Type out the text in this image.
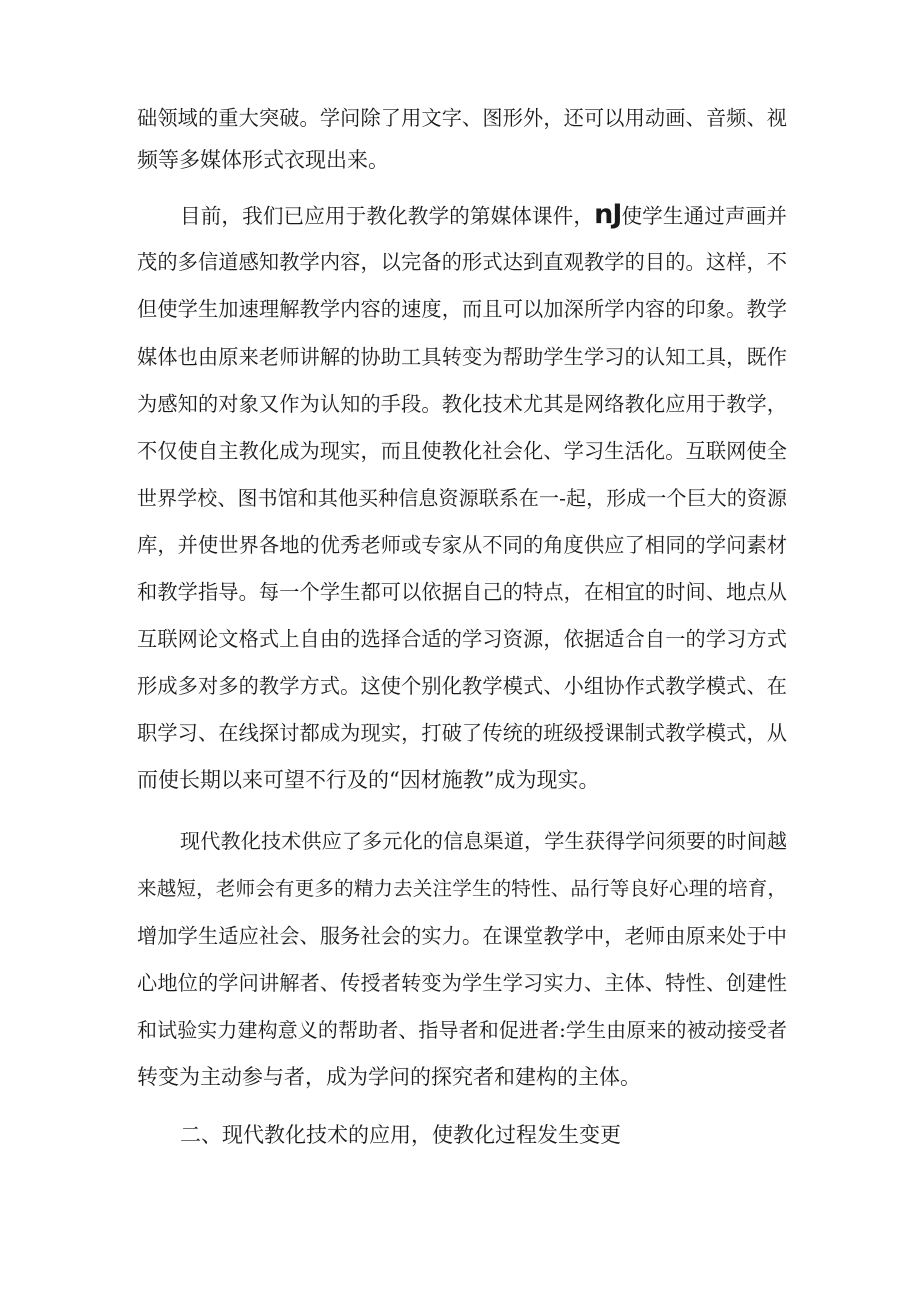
础领域的重大突破。学问除了用文字、图形外，还可以用动画、音频、视
频等多媒体形式衣现出来。
目前，我们已应用于教化教学的第媒体课件，nJ使学生通过声画并
茂的多信道感知教学内容，以完备的形式达到直观教学的目的。这样，不
但使学生加速理解教学内容的速度，而且可以加深所学内容的印象。教学
媒体也由原来老师讲解的协助工具转变为帮助学生学习的认知工具，既作
为感知的对象又作为认知的手段。教化技术尤其是网络教化应用于教学，
不仅使自主教化成为现实，而且使教化社会化、学习生活化。互联网使全
世界学校、图书馆和其他买种信息资源联系在一-起，形成一个巨大的资源
库，并使世界各地的优秀老师或专家从不同的角度供应了相同的学问素材
和教学指导。每一个学生都可以依据自己的特点，在相宜的时间、地点从
互联网论文格式上自由的选择合适的学习资源，依据适合自一的学习方式
形成多对多的教学方式。这使个别化教学模式、小组协作式教学模式、在
职学习、在线探讨都成为现实，打破了传统的班级授课制式教学模式，从
而使长期以来可望不行及的“因材施教”成为现实。
现代教化技术供应了多元化的信息渠道，学生获得学问须要的时间越
来越短，老师会有更多的精力去关注学生的特性、品行等良好心理的培育，
增加学生适应社会、服务社会的实力。在课堂教学中，老师由原来处于中
心地位的学问讲解者、传授者转变为学生学习实力、主体、特性、创建性
和试验实力建构意义的帮助者、指导者和促进者:学生由原来的被动接受者
转变为主动参与者，成为学问的探究者和建构的主体。
二、现代教化技术的应用，使教化过程发生变更
